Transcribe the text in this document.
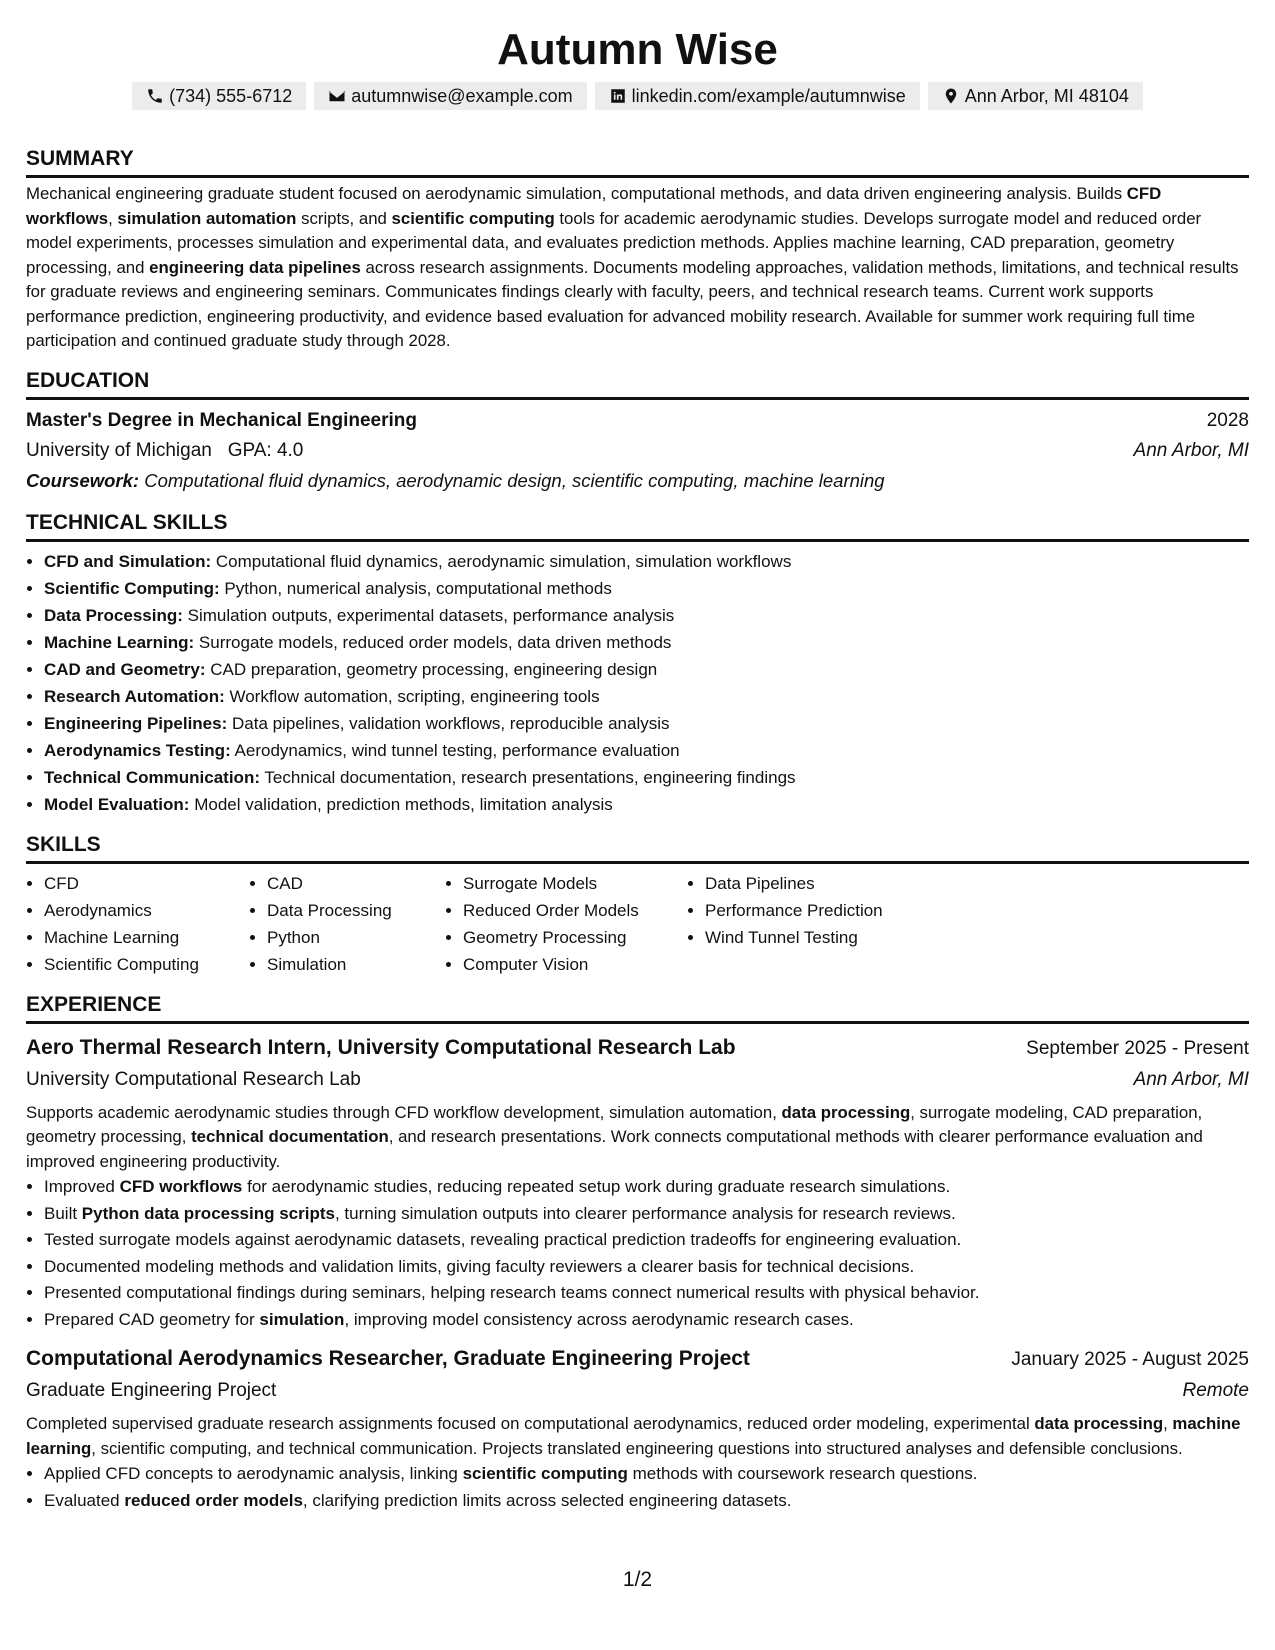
Autumn Wise
(734) 555-6712	autumnwise@example.com	linkedin.com/example/autumnwise	Ann Arbor, MI 48104
SUMMARY

Mechanical engineering graduate student focused on aerodynamic simulation, computational methods, and data driven engineering analysis. Builds CFD workflows, simulation automation scripts, and scientific computing tools for academic aerodynamic studies. Develops surrogate model and reduced order model experiments, processes simulation and experimental data, and evaluates prediction methods. Applies machine learning, CAD preparation, geometry processing, and engineering data pipelines across research assignments. Documents modeling approaches, validation methods, limitations, and technical results for graduate reviews and engineering seminars. Communicates findings clearly with faculty, peers, and technical research teams. Current work supports performance prediction, engineering productivity, and evidence based evaluation for advanced mobility research. Available for summer work requiring full time participation and continued graduate study through 2028.

EDUCATION
Master's Degree in Mechanical Engineering	2028
University of Michigan GPA: 4.0	Ann Arbor, MI
Coursework: Computational fluid dynamics, aerodynamic design, scientific computing, machine learning
TECHNICAL SKILLS
• CFD and Simulation: Computational fluid dynamics, aerodynamic simulation, simulation workflows
• Scientific Computing: Python, numerical analysis, computational methods
• Data Processing: Simulation outputs, experimental datasets, performance analysis
• Machine Learning: Surrogate models, reduced order models, data driven methods
• CAD and Geometry: CAD preparation, geometry processing, engineering design
• Research Automation: Workflow automation, scripting, engineering tools
• Engineering Pipelines: Data pipelines, validation workflows, reproducible analysis
• Aerodynamics Testing: Aerodynamics, wind tunnel testing, performance evaluation
• Technical Communication: Technical documentation, research presentations, engineering findings
• Model Evaluation: Model validation, prediction methods, limitation analysis
SKILLS
• CFD
• Aerodynamics
• Machine Learning
• Scientific Computing
• CAD
• Data Processing
• Python
• Simulation
• Surrogate Models
• Reduced Order Models
• Geometry Processing
• Computer Vision
• Data Pipelines
• Performance Prediction
• Wind Tunnel Testing
EXPERIENCE
Aero Thermal Research Intern, University Computational Research Lab	September 2025 - Present
University Computational Research Lab	Ann Arbor, MI

Supports academic aerodynamic studies through CFD workflow development, simulation automation, data processing, surrogate modeling, CAD preparation, geometry processing, technical documentation, and research presentations. Work connects computational methods with clearer performance evaluation and improved engineering productivity.

• Improved CFD workflows for aerodynamic studies, reducing repeated setup work during graduate research simulations.
• Built Python data processing scripts, turning simulation outputs into clearer performance analysis for research reviews.
• Tested surrogate models against aerodynamic datasets, revealing practical prediction tradeoffs for engineering evaluation.
• Documented modeling methods and validation limits, giving faculty reviewers a clearer basis for technical decisions.
• Presented computational findings during seminars, helping research teams connect numerical results with physical behavior.
• Prepared CAD geometry for simulation, improving model consistency across aerodynamic research cases.
Computational Aerodynamics Researcher, Graduate Engineering Project	January 2025 - August 2025
Graduate Engineering Project	Remote

Completed supervised graduate research assignments focused on computational aerodynamics, reduced order modeling, experimental data processing, machine learning, scientific computing, and technical communication. Projects translated engineering questions into structured analyses and defensible conclusions.

• Applied CFD concepts to aerodynamic analysis, linking scientific computing methods with coursework research questions.
• Evaluated reduced order models, clarifying prediction limits across selected engineering datasets.
1/2
